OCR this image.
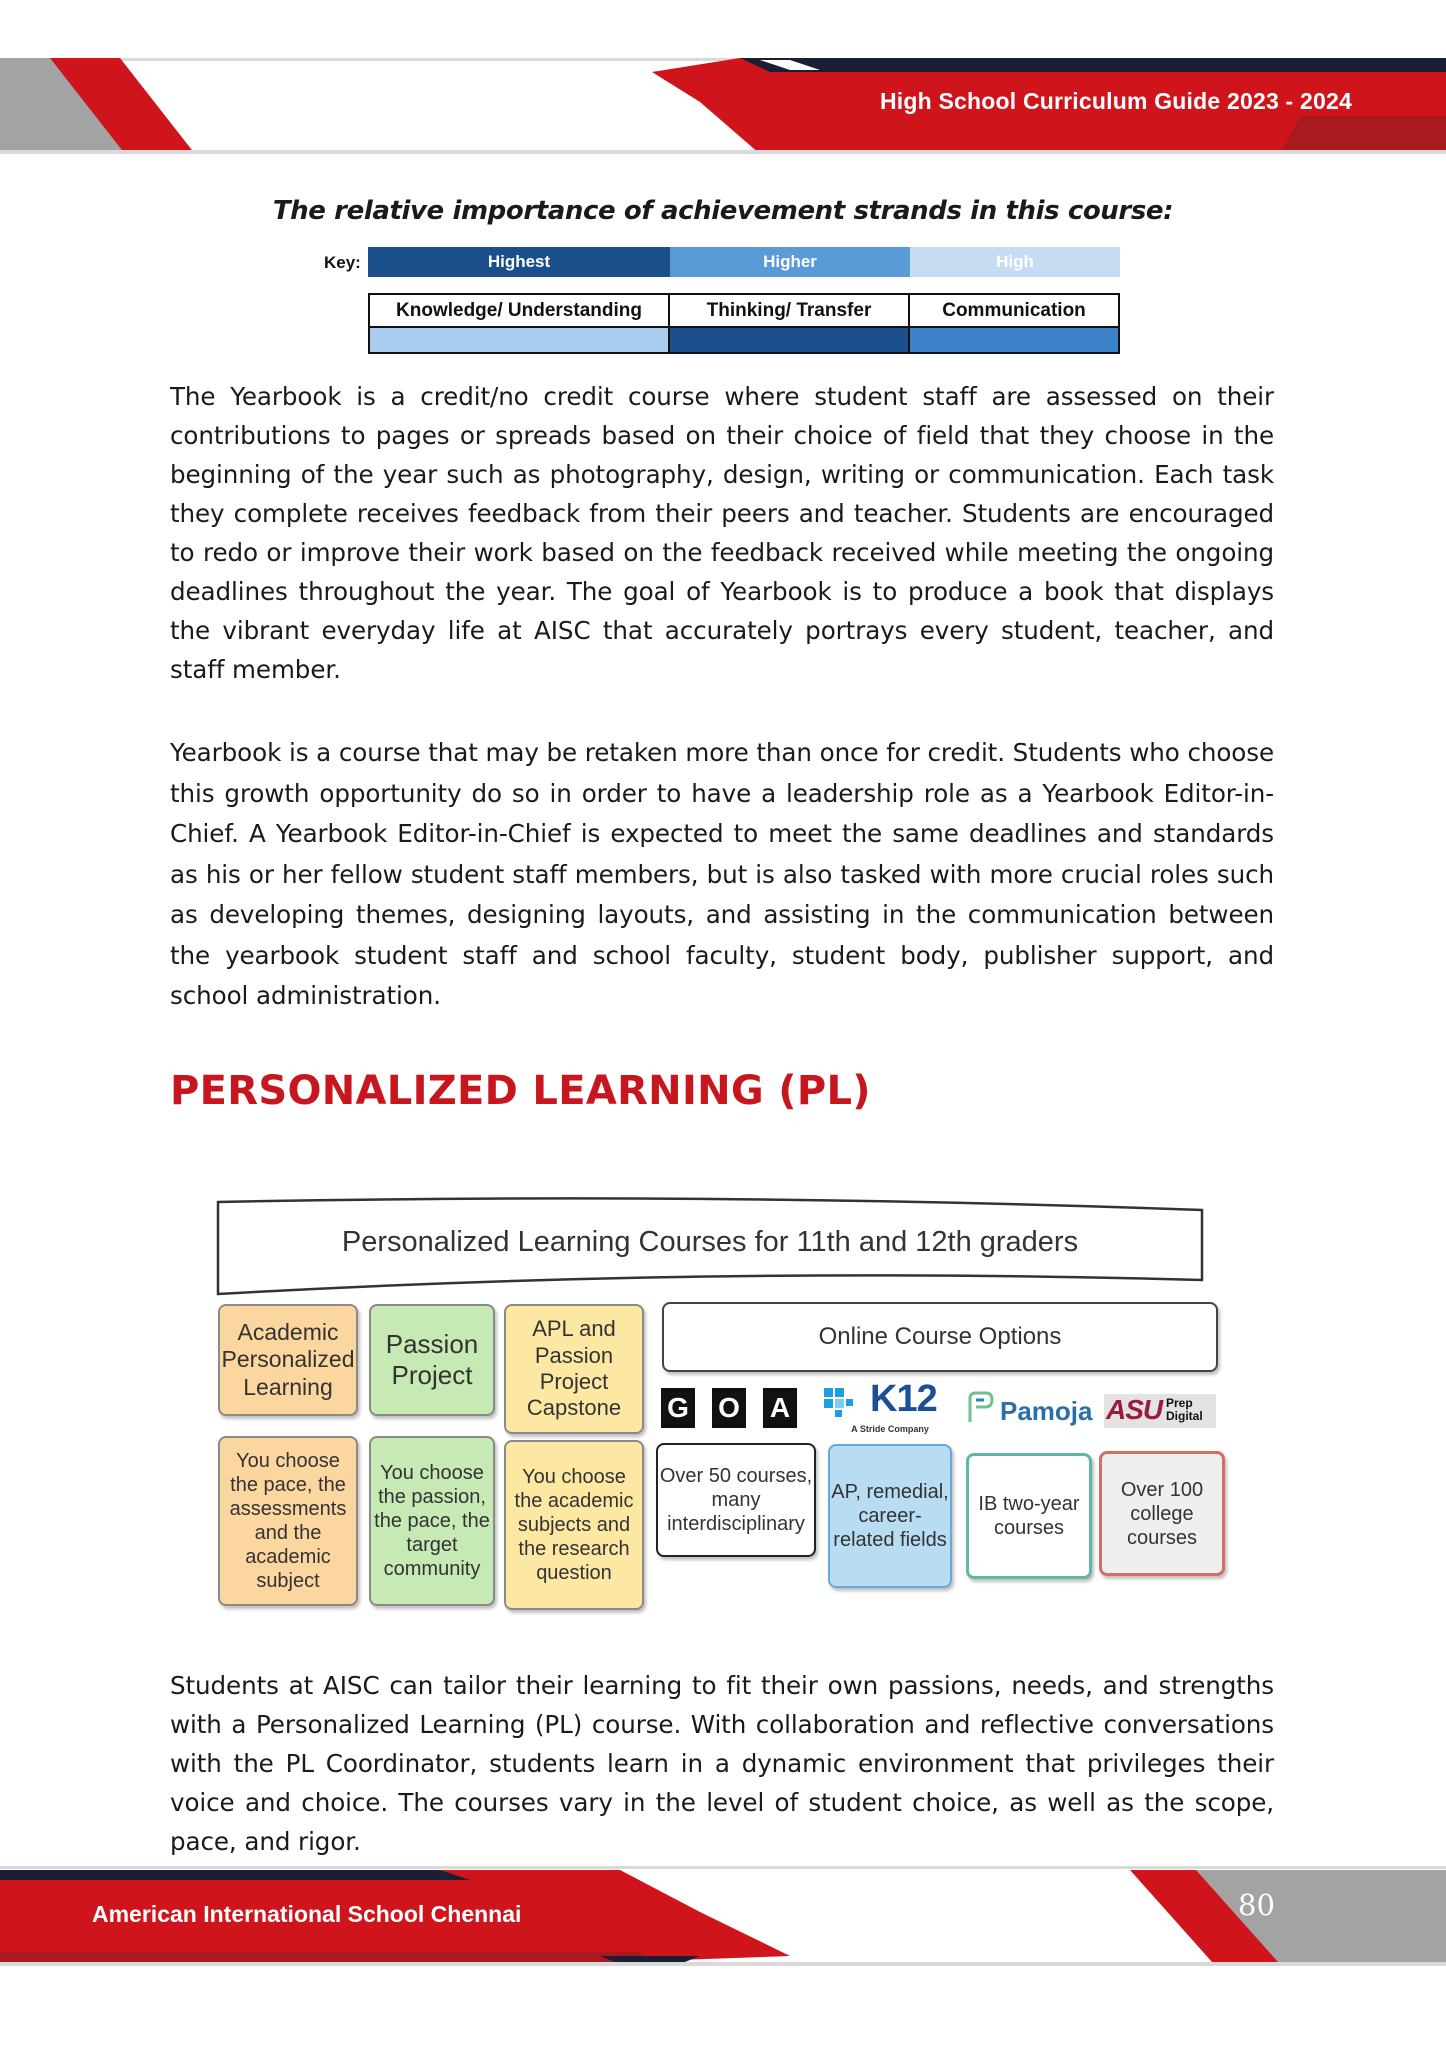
High School Curriculum Guide 2023 - 2024
The relative importance of achievement strands in this course:
Key:	Highest	Higher	High
Knowledge/ Understanding	Thinking/ Transfer	Communication

The Yearbook is a credit/no credit course where student staff are assessed on their contributions to pages or spreads based on their choice of field that they choose in the beginning of the year such as photography, design, writing or communication. Each task they complete receives feedback from their peers and teacher. Students are encouraged to redo or improve their work based on the feedback received while meeting the ongoing deadlines throughout the year. The goal of Yearbook is to produce a book that displays the vibrant everyday life at AISC that accurately portrays every student, teacher, and staff member.
Yearbook is a course that may be retaken more than once for credit. Students who choose this growth opportunity do so in order to have a leadership role as a Yearbook Editor-in-Chief. A Yearbook Editor-in-Chief is expected to meet the same deadlines and standards as his or her fellow student staff members, but is also tasked with more crucial roles such as developing themes, designing layouts, and assisting in the communication between the yearbook student staff and school faculty, student body, publisher support, and school administration.
PERSONALIZED LEARNING (PL)
Personalized Learning Courses for 11th and 12th graders
Academic Personalized Learning
Passion Project
APL and Passion Project Capstone
You choose the pace, the assessments and the academic subject
You choose the passion, the pace, the target community
You choose the academic subjects and the research question
Online Course Options
G O A K12
A Stride Company
Pamoja ASU Prep Digital
Over 50 courses, many interdisciplinary
AP, remedial, career-related fields
IB two-year courses
Over 100 college courses
Students at AISC can tailor their learning to fit their own passions, needs, and strengths with a Personalized Learning (PL) course. With collaboration and reflective conversations with the PL Coordinator, students learn in a dynamic environment that privileges their voice and choice. The courses vary in the level of student choice, as well as the scope, pace, and rigor.
American International School Chennai	80
